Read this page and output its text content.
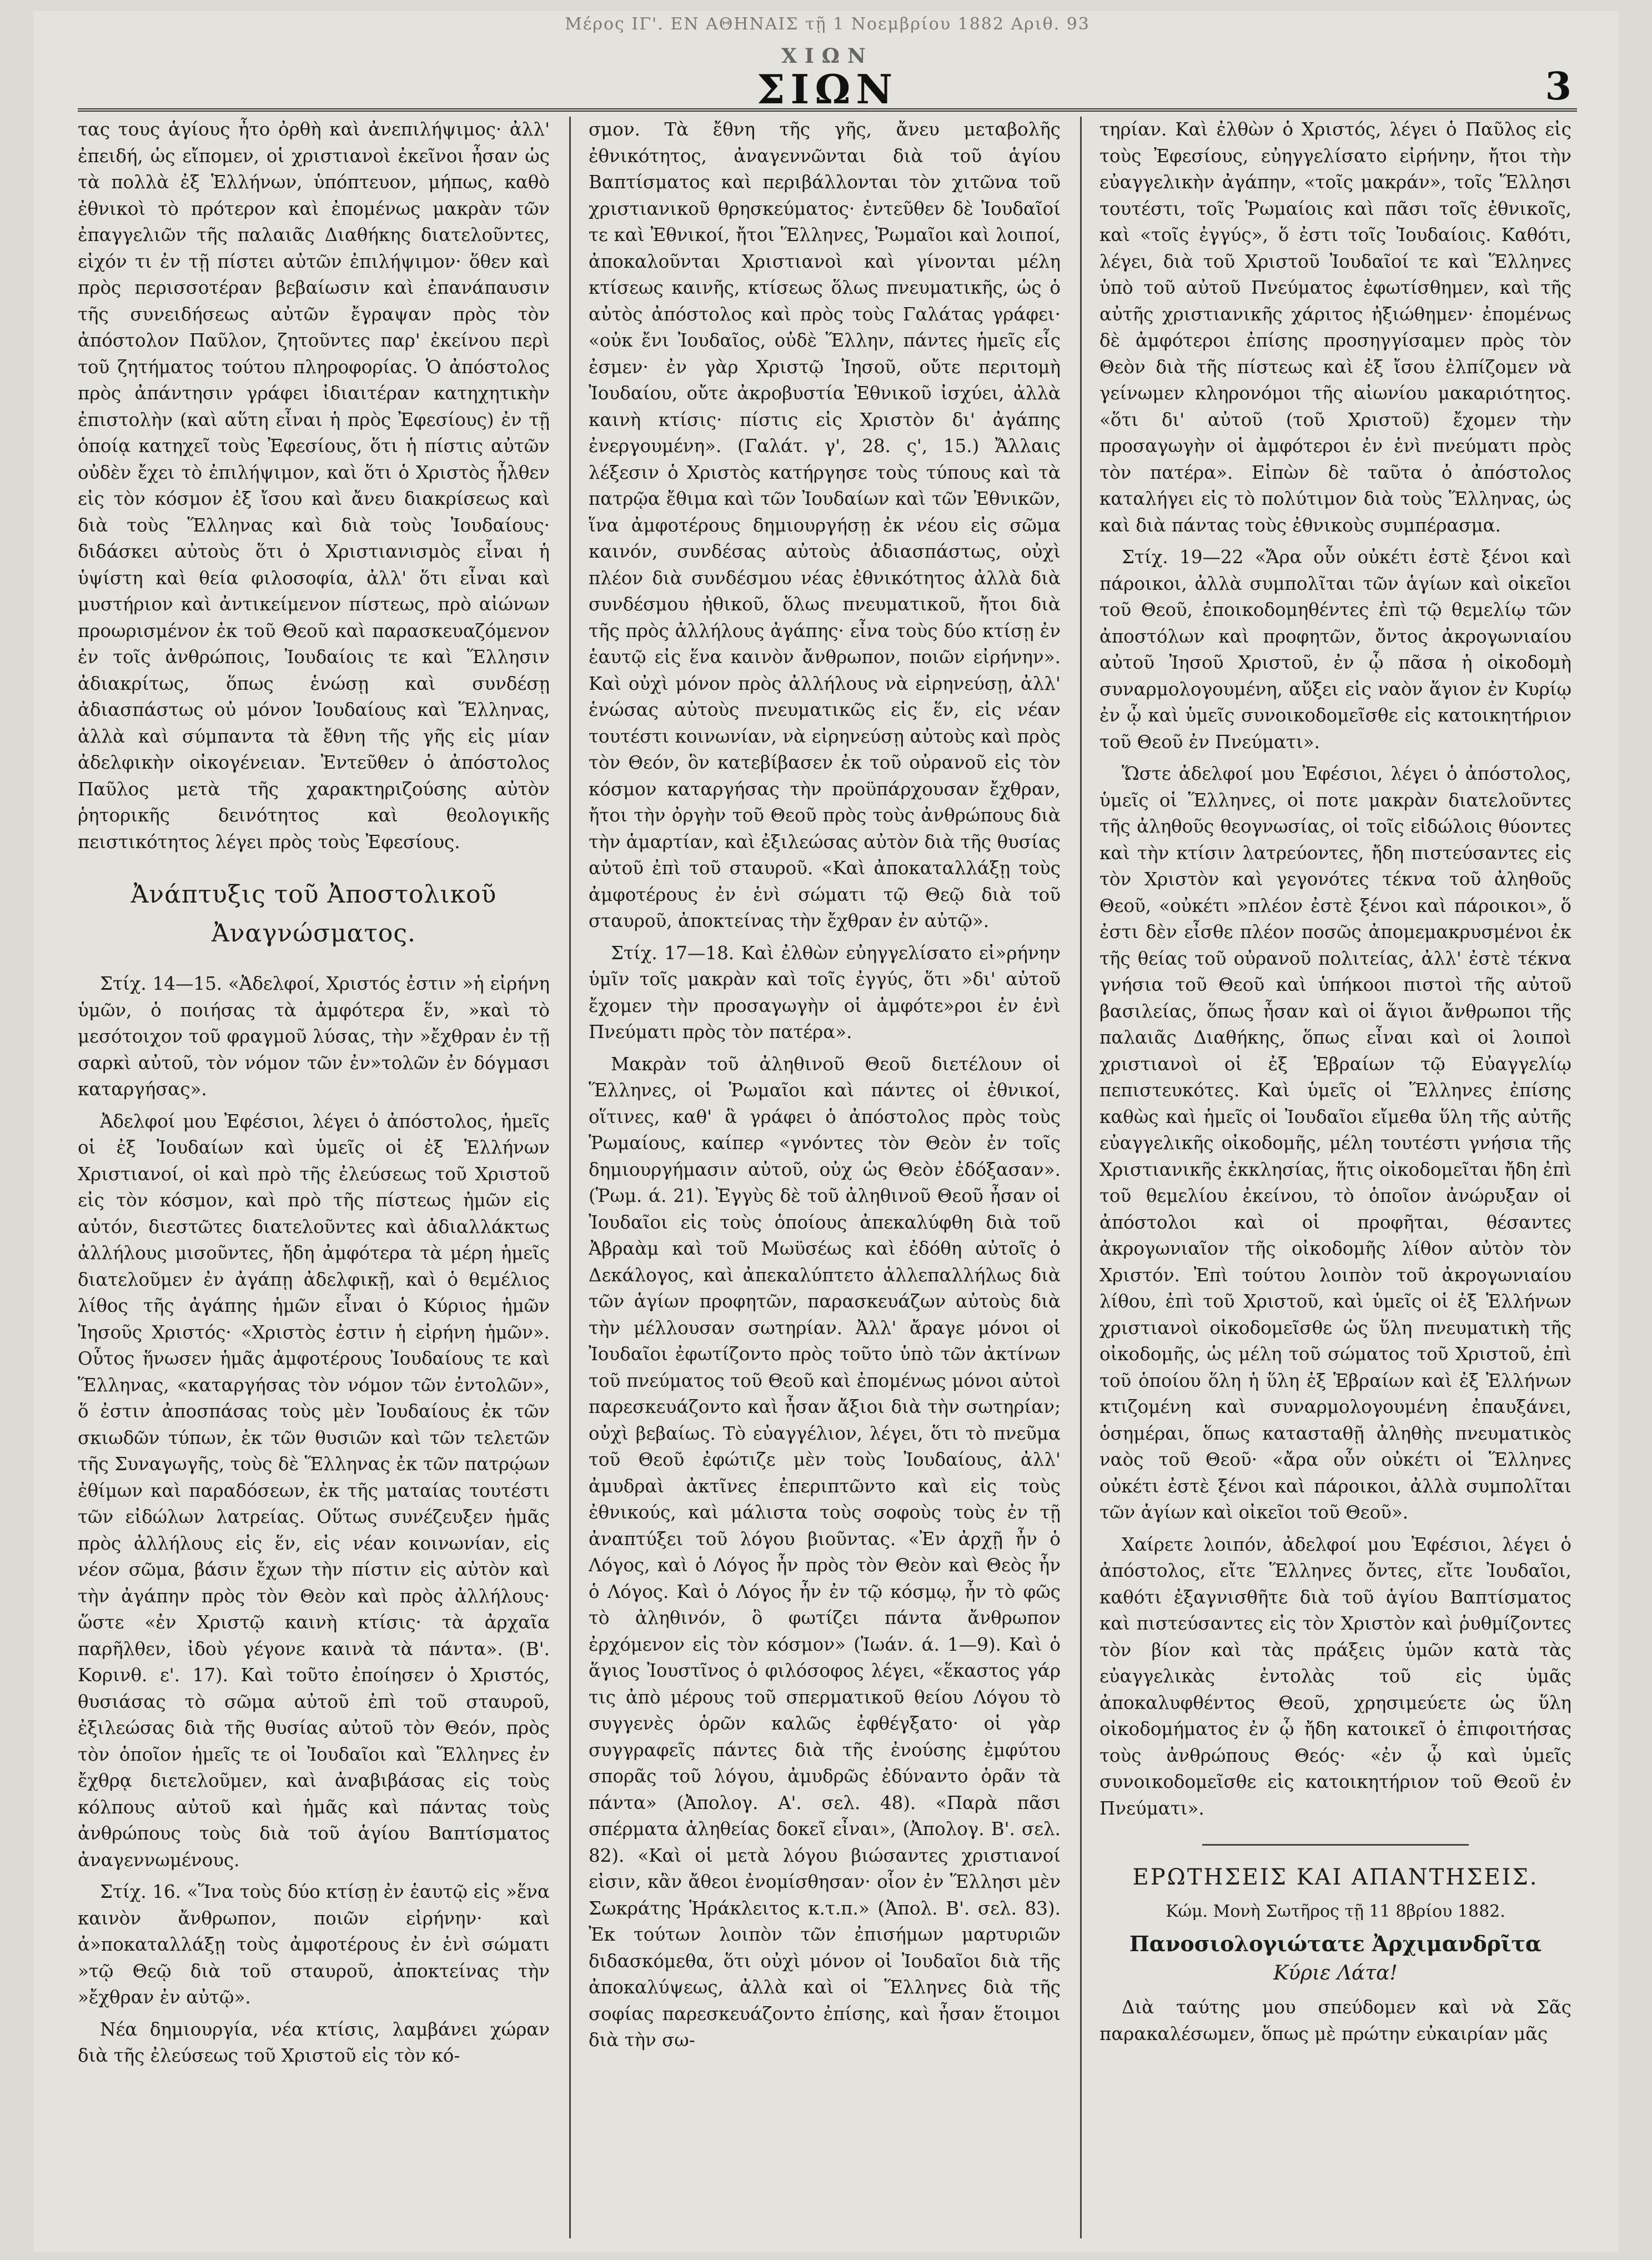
Μέρος ΙΓ'. ΕΝ ΑΘΗΝΑΙΣ τῇ 1 Νοεμβρίου 1882 Αριθ. 93
ΧΙΩΝ
ΣΙΩΝ	3

τας τους ἁγίους ἦτο ὀρθὴ καὶ ἀνεπιλήψιμος· ἀλλ' ἐπειδή, ὡς εἴπομεν, οἱ χριστιανοὶ ἐκεῖνοι ἦσαν ὡς τὰ πολλὰ ἐξ Ἑλλήνων, ὑπόπτευον, μήπως, καθὸ ἐθνικοὶ τὸ πρότερον καὶ ἐπομένως μακρὰν τῶν ἐπαγγελιῶν τῆς παλαιᾶς Διαθήκης διατελοῦντες, εἰχόν τι ἐν τῇ πίστει αὐτῶν ἐπιλήψιμον· ὅθεν καὶ πρὸς περισσοτέραν βεβαίωσιν καὶ ἐπανάπαυσιν τῆς συνειδήσεως αὐτῶν ἔγραψαν πρὸς τὸν ἀπόστολον Παῦλον, ζητοῦντες παρ' ἐκείνου περὶ τοῦ ζητήματος τούτου πληροφορίας. Ὁ ἀπόστολος πρὸς ἀπάντησιν γράφει ἰδιαιτέραν κατηχητικὴν ἐπιστολὴν (καὶ αὕτη εἶναι ἡ πρὸς Ἐφεσίους) ἐν τῇ ὁποίᾳ κατηχεῖ τοὺς Ἐφεσίους, ὅτι ἡ πίστις αὐτῶν οὐδὲν ἔχει τὸ ἐπιλήψιμον, καὶ ὅτι ὁ Χριστὸς ἦλθεν εἰς τὸν κόσμον ἐξ ἴσου καὶ ἄνευ διακρίσεως καὶ διὰ τοὺς Ἕλληνας καὶ διὰ τοὺς Ἰουδαίους· διδάσκει αὐτοὺς ὅτι ὁ Χριστιανισμὸς εἶναι ἡ ὑψίστη καὶ θεία φιλοσοφία, ἀλλ' ὅτι εἶναι καὶ μυστήριον καὶ ἀντικείμενον πίστεως, πρὸ αἰώνων προωρισμένον ἐκ τοῦ Θεοῦ καὶ παρασκευαζόμενον ἐν τοῖς ἀνθρώποις, Ἰουδαίοις τε καὶ Ἕλλησιν ἀδιακρίτως, ὅπως ἑνώσῃ καὶ συνδέσῃ ἀδιασπάστως οὐ μόνον Ἰουδαίους καὶ Ἕλληνας, ἀλλὰ καὶ σύμπαντα τὰ ἔθνη τῆς γῆς εἰς μίαν ἀδελφικὴν οἰκογένειαν. Ἐντεῦθεν ὁ ἀπόστολος Παῦλος μετὰ τῆς χαρακτηριζούσης αὐτὸν ῥητορικῆς δεινότητος καὶ θεολογικῆς πειστικότητος λέγει πρὸς τοὺς Ἐφεσίους.

Ἀνάπτυξις τοῦ Ἀποστολικοῦ
Ἀναγνώσματος.

Στίχ. 14—15. «Ἀδελφοί, Χριστός ἐστιν »ἡ εἰρήνη ὑμῶν, ὁ ποιήσας τὰ ἀμφότερα ἕν, »καὶ τὸ μεσότοιχον τοῦ φραγμοῦ λύσας, τὴν »ἔχθραν ἐν τῇ σαρκὶ αὐτοῦ, τὸν νόμον τῶν ἐν»τολῶν ἐν δόγμασι καταργήσας».

Ἀδελφοί μου Ἐφέσιοι, λέγει ὁ ἀπόστολος, ἡμεῖς οἱ ἐξ Ἰουδαίων καὶ ὑμεῖς οἱ ἐξ Ἑλλήνων Χριστιανοί, οἱ καὶ πρὸ τῆς ἐλεύσεως τοῦ Χριστοῦ εἰς τὸν κόσμον, καὶ πρὸ τῆς πίστεως ἡμῶν εἰς αὐτόν, διεστῶτες διατελοῦντες καὶ ἀδιαλλάκτως ἀλλήλους μισοῦντες, ἤδη ἀμφότερα τὰ μέρη ἡμεῖς διατελοῦμεν ἐν ἀγάπῃ ἀδελφικῇ, καὶ ὁ θεμέλιος λίθος τῆς ἀγάπης ἡμῶν εἶναι ὁ Κύριος ἡμῶν Ἰησοῦς Χριστός· «Χριστὸς ἐστιν ἡ εἰρήνη ἡμῶν». Οὗτος ἥνωσεν ἡμᾶς ἀμφοτέρους Ἰουδαίους τε καὶ Ἕλληνας, «καταργήσας τὸν νόμον τῶν ἐντολῶν», ὅ ἐστιν ἀποσπάσας τοὺς μὲν Ἰουδαίους ἐκ τῶν σκιωδῶν τύπων, ἐκ τῶν θυσιῶν καὶ τῶν τελετῶν τῆς Συναγωγῆς, τοὺς δὲ Ἕλληνας ἐκ τῶν πατρῴων ἐθίμων καὶ παραδόσεων, ἐκ τῆς ματαίας τουτέστι τῶν εἰδώλων λατρείας. Οὕτως συνέζευξεν ἡμᾶς πρὸς ἀλλήλους εἰς ἕν, εἰς νέαν κοινωνίαν, εἰς νέον σῶμα, βάσιν ἔχων τὴν πίστιν εἰς αὐτὸν καὶ τὴν ἀγάπην πρὸς τὸν Θεὸν καὶ πρὸς ἀλλήλους· ὥστε «ἐν Χριστῷ καινὴ κτίσις· τὰ ἀρχαῖα παρῆλθεν, ἰδοὺ γέγονε καινὰ τὰ πάντα». (Β'. Κορινθ. ε'. 17). Καὶ τοῦτο ἐποίησεν ὁ Χριστός, θυσιάσας τὸ σῶμα αὐτοῦ ἐπὶ τοῦ σταυροῦ, ἐξιλεώσας διὰ τῆς θυσίας αὐτοῦ τὸν Θεόν, πρὸς τὸν ὁποῖον ἡμεῖς τε οἱ Ἰουδαῖοι καὶ Ἕλληνες ἐν ἔχθρᾳ διετελοῦμεν, καὶ ἀναβιβάσας εἰς τοὺς κόλπους αὐτοῦ καὶ ἡμᾶς καὶ πάντας τοὺς ἀνθρώπους τοὺς διὰ τοῦ ἁγίου Βαπτίσματος ἀναγεννωμένους.

Στίχ. 16. «Ἵνα τοὺς δύο κτίσῃ ἐν ἑαυτῷ εἰς »ἕνα καινὸν ἄνθρωπον, ποιῶν εἰρήνην· καὶ ἀ»ποκαταλλάξῃ τοὺς ἀμφοτέρους ἐν ἑνὶ σώματι »τῷ Θεῷ διὰ τοῦ σταυροῦ, ἀποκτείνας τὴν »ἔχθραν ἐν αὐτῷ».

Νέα δημιουργία, νέα κτίσις, λαμβάνει χώραν διὰ τῆς ἐλεύσεως τοῦ Χριστοῦ εἰς τὸν κό-

σμον. Τὰ ἔθνη τῆς γῆς, ἄνευ μεταβολῆς ἐθνικότητος, ἀναγεννῶνται διὰ τοῦ ἁγίου Βαπτίσματος καὶ περιβάλλονται τὸν χιτῶνα τοῦ χριστιανικοῦ θρησκεύματος· ἐντεῦθεν δὲ Ἰουδαῖοί τε καὶ Ἐθνικοί, ἤτοι Ἕλληνες, Ῥωμαῖοι καὶ λοιποί, ἀποκαλοῦνται Χριστιανοὶ καὶ γίνονται μέλη κτίσεως καινῆς, κτίσεως ὅλως πνευματικῆς, ὡς ὁ αὐτὸς ἀπόστολος καὶ πρὸς τοὺς Γαλάτας γράφει· «οὐκ ἔνι Ἰουδαῖος, οὐδὲ Ἕλλην, πάντες ἡμεῖς εἷς ἐσμεν· ἐν γὰρ Χριστῷ Ἰησοῦ, οὔτε περιτομὴ Ἰουδαίου, οὔτε ἀκροβυστία Ἐθνικοῦ ἰσχύει, ἀλλὰ καινὴ κτίσις· πίστις εἰς Χριστὸν δι' ἀγάπης ἐνεργουμένη». (Γαλάτ. γ', 28. ς', 15.) Ἄλλαις λέξεσιν ὁ Χριστὸς κατήργησε τοὺς τύπους καὶ τὰ πατρῷα ἔθιμα καὶ τῶν Ἰουδαίων καὶ τῶν Ἐθνικῶν, ἵνα ἀμφοτέρους δημιουργήσῃ ἐκ νέου εἰς σῶμα καινόν, συνδέσας αὐτοὺς ἀδιασπάστως, οὐχὶ πλέον διὰ συνδέσμου νέας ἐθνικότητος ἀλλὰ διὰ συνδέσμου ἠθικοῦ, ὅλως πνευματικοῦ, ἤτοι διὰ τῆς πρὸς ἀλλήλους ἀγάπης· εἶνα τοὺς δύο κτίσῃ ἐν ἑαυτῷ εἰς ἕνα καινὸν ἄνθρωπον, ποιῶν εἰρήνην». Καὶ οὐχὶ μόνον πρὸς ἀλλήλους νὰ εἰρηνεύσῃ, ἀλλ' ἑνώσας αὐτοὺς πνευματικῶς εἰς ἕν, εἰς νέαν τουτέστι κοινωνίαν, νὰ εἰρηνεύσῃ αὐτοὺς καὶ πρὸς τὸν Θεόν, ὃν κατεβίβασεν ἐκ τοῦ οὐρανοῦ εἰς τὸν κόσμον καταργήσας τὴν προϋπάρχουσαν ἔχθραν, ἤτοι τὴν ὀργὴν τοῦ Θεοῦ πρὸς τοὺς ἀνθρώπους διὰ τὴν ἁμαρτίαν, καὶ ἐξιλεώσας αὐτὸν διὰ τῆς θυσίας αὐτοῦ ἐπὶ τοῦ σταυροῦ. «Καὶ ἀποκαταλλάξῃ τοὺς ἀμφοτέρους ἐν ἑνὶ σώματι τῷ Θεῷ διὰ τοῦ σταυροῦ, ἀποκτείνας τὴν ἔχθραν ἐν αὐτῷ».

Στίχ. 17—18. Καὶ ἐλθὼν εὐηγγελίσατο εἰ»ρήνην ὑμῖν τοῖς μακρὰν καὶ τοῖς ἐγγύς, ὅτι »δι' αὐτοῦ ἔχομεν τὴν προσαγωγὴν οἱ ἀμφότε»ροι ἐν ἑνὶ Πνεύματι πρὸς τὸν πατέρα».

Μακρὰν τοῦ ἀληθινοῦ Θεοῦ διετέλουν οἱ Ἕλληνες, οἱ Ῥωμαῖοι καὶ πάντες οἱ ἐθνικοί, οἵτινες, καθ' ἃ γράφει ὁ ἀπόστολος πρὸς τοὺς Ῥωμαίους, καίπερ «γνόντες τὸν Θεὸν ἐν τοῖς δημιουργήμασιν αὐτοῦ, οὐχ ὡς Θεὸν ἐδόξασαν». (Ῥωμ. ά. 21). Ἐγγὺς δὲ τοῦ ἀληθινοῦ Θεοῦ ἦσαν οἱ Ἰουδαῖοι εἰς τοὺς ὁποίους ἀπεκαλύφθη διὰ τοῦ Ἀβραὰμ καὶ τοῦ Μωϋσέως καὶ ἐδόθη αὐτοῖς ὁ Δεκάλογος, καὶ ἀπεκαλύπτετο ἀλλεπαλλήλως διὰ τῶν ἁγίων προφητῶν, παρασκευάζων αὐτοὺς διὰ τὴν μέλλουσαν σωτηρίαν. Ἀλλ' ἄραγε μόνοι οἱ Ἰουδαῖοι ἐφωτίζοντο πρὸς τοῦτο ὑπὸ τῶν ἀκτίνων τοῦ πνεύματος τοῦ Θεοῦ καὶ ἐπομένως μόνοι αὐτοὶ παρεσκευάζοντο καὶ ἦσαν ἄξιοι διὰ τὴν σωτηρίαν; οὐχὶ βεβαίως. Τὸ εὐαγγέλιον, λέγει, ὅτι τὸ πνεῦμα τοῦ Θεοῦ ἐφώτιζε μὲν τοὺς Ἰουδαίους, ἀλλ' ἀμυδραὶ ἀκτῖνες ἐπεριπτῶντο καὶ εἰς τοὺς ἐθνικούς, καὶ μάλιστα τοὺς σοφοὺς τοὺς ἐν τῇ ἀναπτύξει τοῦ λόγου βιοῦντας. «Ἐν ἀρχῇ ἦν ὁ Λόγος, καὶ ὁ Λόγος ἦν πρὸς τὸν Θεὸν καὶ Θεὸς ἦν ὁ Λόγος. Καὶ ὁ Λόγος ἦν ἐν τῷ κόσμῳ, ἦν τὸ φῶς τὸ ἀληθινόν, ὃ φωτίζει πάντα ἄνθρωπον ἐρχόμενον εἰς τὸν κόσμον» (Ἰωάν. ά. 1—9). Καὶ ὁ ἅγιος Ἰουστῖνος ὁ φιλόσοφος λέγει, «ἕκαστος γάρ τις ἀπὸ μέρους τοῦ σπερματικοῦ θείου Λόγου τὸ συγγενὲς ὁρῶν καλῶς ἐφθέγξατο· οἱ γὰρ συγγραφεῖς πάντες διὰ τῆς ἐνούσης ἐμφύτου σπορᾶς τοῦ λόγου, ἀμυδρῶς ἐδύναντο ὁρᾶν τὰ πάντα» (Ἀπολογ. Α'. σελ. 48). «Παρὰ πᾶσι σπέρματα ἀληθείας δοκεῖ εἶναι», (Ἀπολογ. Β'. σελ. 82). «Καὶ οἱ μετὰ λόγου βιώσαντες χριστιανοί εἰσιν, κἂν ἄθεοι ἐνομίσθησαν· οἷον ἐν Ἕλλησι μὲν Σωκράτης Ἡράκλειτος κ.τ.π.» (Ἀπολ. Β'. σελ. 83). Ἐκ τούτων λοιπὸν τῶν ἐπισήμων μαρτυριῶν διδασκόμεθα, ὅτι οὐχὶ μόνον οἱ Ἰουδαῖοι διὰ τῆς ἀποκαλύψεως, ἀλλὰ καὶ οἱ Ἕλληνες διὰ τῆς σοφίας παρεσκευάζοντο ἐπίσης, καὶ ἦσαν ἕτοιμοι διὰ τὴν σω-

τηρίαν. Καὶ ἐλθὼν ὁ Χριστός, λέγει ὁ Παῦλος εἰς τοὺς Ἐφεσίους, εὐηγγελίσατο εἰρήνην, ἤτοι τὴν εὐαγγελικὴν ἀγάπην, «τοῖς μακράν», τοῖς Ἕλλησι τουτέστι, τοῖς Ῥωμαίοις καὶ πᾶσι τοῖς ἐθνικοῖς, καὶ «τοῖς ἐγγύς», ὅ ἐστι τοῖς Ἰουδαίοις. Καθότι, λέγει, διὰ τοῦ Χριστοῦ Ἰουδαῖοί τε καὶ Ἕλληνες ὑπὸ τοῦ αὐτοῦ Πνεύματος ἐφωτίσθημεν, καὶ τῆς αὐτῆς χριστιανικῆς χάριτος ἠξιώθημεν· ἐπομένως δὲ ἀμφότεροι ἐπίσης προσηγγίσαμεν πρὸς τὸν Θεὸν διὰ τῆς πίστεως καὶ ἐξ ἴσου ἐλπίζομεν νὰ γείνωμεν κληρονόμοι τῆς αἰωνίου μακαριότητος. «ὅτι δι' αὐτοῦ (τοῦ Χριστοῦ) ἔχομεν τὴν προσαγωγὴν οἱ ἀμφότεροι ἐν ἑνὶ πνεύματι πρὸς τὸν πατέρα». Εἰπὼν δὲ ταῦτα ὁ ἀπόστολος καταλήγει εἰς τὸ πολύτιμον διὰ τοὺς Ἕλληνας, ὡς καὶ διὰ πάντας τοὺς ἐθνικοὺς συμπέρασμα.

Στίχ. 19—22 «Ἄρα οὖν οὐκέτι ἐστὲ ξένοι καὶ πάροικοι, ἀλλὰ συμπολῖται τῶν ἁγίων καὶ οἰκεῖοι τοῦ Θεοῦ, ἐποικοδομηθέντες ἐπὶ τῷ θεμελίῳ τῶν ἀποστόλων καὶ προφητῶν, ὄντος ἀκρογωνιαίου αὐτοῦ Ἰησοῦ Χριστοῦ, ἐν ᾧ πᾶσα ἡ οἰκοδομὴ συναρμολογουμένη, αὔξει εἰς ναὸν ἅγιον ἐν Κυρίῳ ἐν ᾧ καὶ ὑμεῖς συνοικοδομεῖσθε εἰς κατοικητήριον τοῦ Θεοῦ ἐν Πνεύματι».

Ὥστε ἀδελφοί μου Ἐφέσιοι, λέγει ὁ ἀπόστολος, ὑμεῖς οἱ Ἕλληνες, οἱ ποτε μακρὰν διατελοῦντες τῆς ἀληθοῦς θεογνωσίας, οἱ τοῖς εἰδώλοις θύοντες καὶ τὴν κτίσιν λατρεύοντες, ἤδη πιστεύσαντες εἰς τὸν Χριστὸν καὶ γεγονότες τέκνα τοῦ ἀληθοῦς Θεοῦ, «οὐκέτι »πλέον ἐστὲ ξένοι καὶ πάροικοι», ὅ ἐστι δὲν εἶσθε πλέον ποσῶς ἀπομεμακρυσμένοι ἐκ τῆς θείας τοῦ οὐρανοῦ πολιτείας, ἀλλ' ἐστὲ τέκνα γνήσια τοῦ Θεοῦ καὶ ὑπήκοοι πιστοὶ τῆς αὐτοῦ βασιλείας, ὅπως ἦσαν καὶ οἱ ἅγιοι ἄνθρωποι τῆς παλαιᾶς Διαθήκης, ὅπως εἶναι καὶ οἱ λοιποὶ χριστιανοὶ οἱ ἐξ Ἑβραίων τῷ Εὐαγγελίῳ πεπιστευκότες. Καὶ ὑμεῖς οἱ Ἕλληνες ἐπίσης καθὼς καὶ ἡμεῖς οἱ Ἰουδαῖοι εἴμεθα ὕλη τῆς αὐτῆς εὐαγγελικῆς οἰκοδομῆς, μέλη τουτέστι γνήσια τῆς Χριστιανικῆς ἐκκλησίας, ἥτις οἰκοδομεῖται ἤδη ἐπὶ τοῦ θεμελίου ἐκείνου, τὸ ὁποῖον ἀνώρυξαν οἱ ἀπόστολοι καὶ οἱ προφῆται, θέσαντες ἀκρογωνιαῖον τῆς οἰκοδομῆς λίθον αὐτὸν τὸν Χριστόν. Ἐπὶ τούτου λοιπὸν τοῦ ἀκρογωνιαίου λίθου, ἐπὶ τοῦ Χριστοῦ, καὶ ὑμεῖς οἱ ἐξ Ἑλλήνων χριστιανοὶ οἰκοδομεῖσθε ὡς ὕλη πνευματικὴ τῆς οἰκοδομῆς, ὡς μέλη τοῦ σώματος τοῦ Χριστοῦ, ἐπὶ τοῦ ὁποίου ὅλη ἡ ὕλη ἐξ Ἑβραίων καὶ ἐξ Ἑλλήνων κτιζομένη καὶ συναρμολογουμένη ἐπαυξάνει, ὁσημέραι, ὅπως κατασταθῇ ἀληθὴς πνευματικὸς ναὸς τοῦ Θεοῦ· «ἄρα οὖν οὐκέτι οἱ Ἕλληνες οὐκέτι ἐστὲ ξένοι καὶ πάροικοι, ἀλλὰ συμπολῖται τῶν ἁγίων καὶ οἰκεῖοι τοῦ Θεοῦ».

Χαίρετε λοιπόν, ἀδελφοί μου Ἐφέσιοι, λέγει ὁ ἀπόστολος, εἴτε Ἕλληνες ὄντες, εἴτε Ἰουδαῖοι, καθότι ἐξαγνισθῆτε διὰ τοῦ ἁγίου Βαπτίσματος καὶ πιστεύσαντες εἰς τὸν Χριστὸν καὶ ῥυθμίζοντες τὸν βίον καὶ τὰς πράξεις ὑμῶν κατὰ τὰς εὐαγγελικὰς ἐντολὰς τοῦ εἰς ὑμᾶς ἀποκαλυφθέντος Θεοῦ, χρησιμεύετε ὡς ὕλη οἰκοδομήματος ἐν ᾧ ἤδη κατοικεῖ ὁ ἐπιφοιτήσας τοὺς ἀνθρώπους Θεός· «ἐν ᾧ καὶ ὑμεῖς συνοικοδομεῖσθε εἰς κατοικητήριον τοῦ Θεοῦ ἐν Πνεύματι».

ΕΡΩΤΗΣΕΙΣ ΚΑΙ ΑΠΑΝΤΗΣΕΙΣ.
Κώμ. Μονὴ Σωτῆρος τῇ 11 8βρίου 1882.
Πανοσιολογιώτατε Ἀρχιμανδρῖτα
Κύριε Λάτα!

Διὰ ταύτης μου σπεύδομεν καὶ νὰ Σᾶς παρακαλέσωμεν, ὅπως μὲ πρώτην εὐκαιρίαν μᾶς
